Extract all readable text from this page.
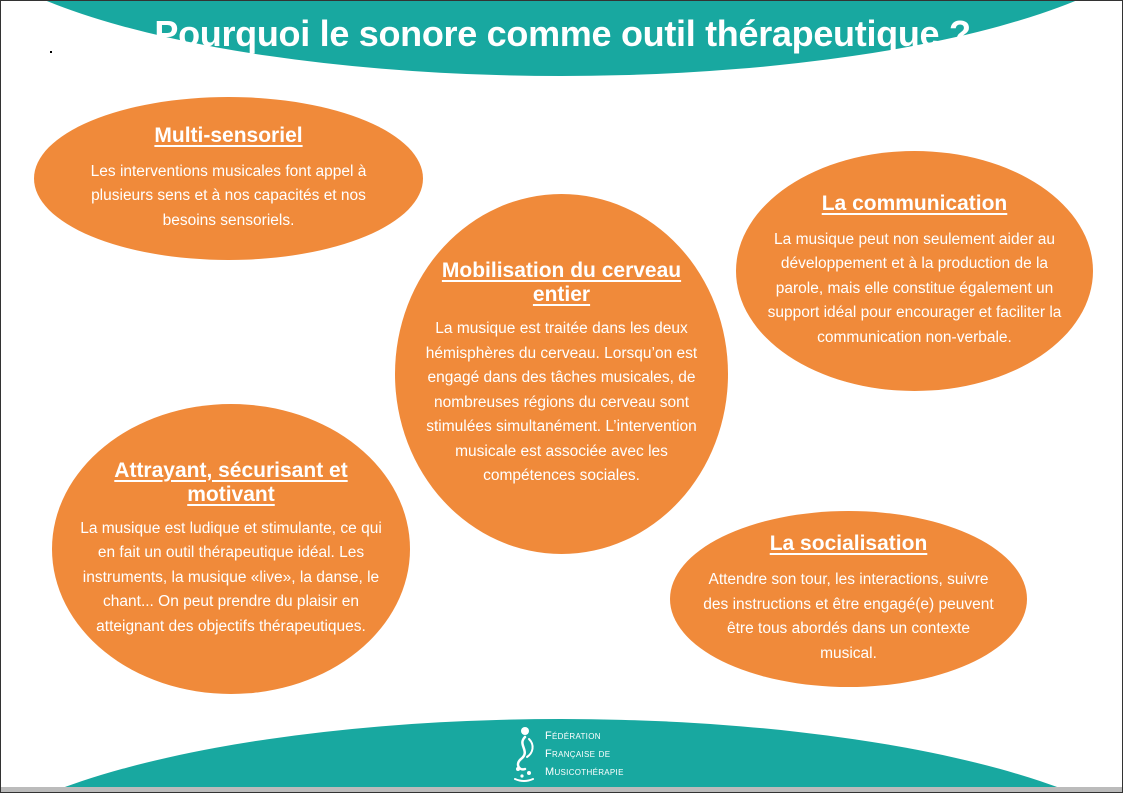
Pourquoi le sonore comme outil thérapeutique ?
Multi-sensoriel

Les interventions musicales font appel à plusieurs sens et à nos capacités et nos besoins sensoriels.

Mobilisation du cerveau entier

La musique est traitée dans les deux hémisphères du cerveau. Lorsqu’on est engagé dans des tâches musicales, de nombreuses régions du cerveau sont stimulées simultanément. L’intervention musicale est associée avec les compétences sociales.

La communication

La musique peut non seulement aider au développement et à la production de la parole, mais elle constitue également un support idéal pour encourager et faciliter la communication non-verbale.

Attrayant, sécurisant et motivant

La musique est ludique et stimulante, ce qui en fait un outil thérapeutique idéal. Les instruments, la musique «live», la danse, le chant... On peut prendre du plaisir en atteignant des objectifs thérapeutiques.

La socialisation

Attendre son tour, les interactions, suivre des instructions et être engagé(e) peuvent être tous abordés dans un contexte musical.

Fédération
Française de
Musicothérapie
